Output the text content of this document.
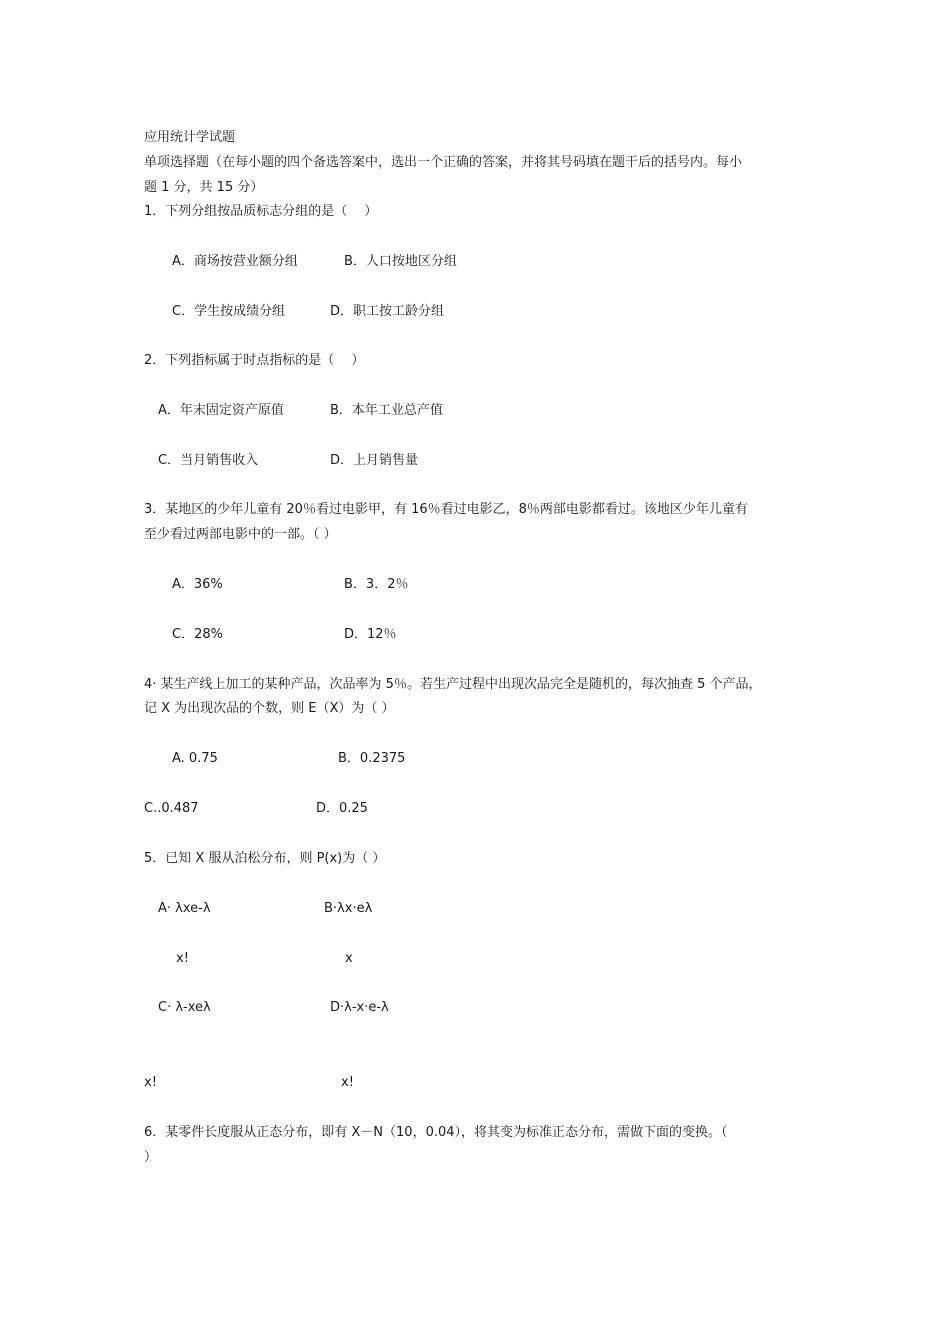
应用统计学试题

单项选择题（在每小题的四个备选答案中，选出一个正确的答案，并将其号码填在题干后的括号内。每小

题 1 分，共 15 分）

1．下列分组按品质标志分组的是（　 ）

A．商场按营业额分组	B．人口按地区分组

C．学生按成绩分组	D．职工按工龄分组

2．下列指标属于时点指标的是（　 ）

A．年末固定资产原值	B．本年工业总产值

C．当月销售收入	D．上月销售量

3．某地区的少年儿童有 20％看过电影甲，有 16％看过电影乙，8％两部电影都看过。该地区少年儿童有

至少看过两部电影中的一部。（ ）

A．36%	B．3．2％

C．28%	D．12％

4· 某生产线上加工的某种产品，次品率为 5％。若生产过程中出现次品完全是随机的，每次抽查 5 个产品，

记 X 为出现次品的个数，则 E（X）为（ ）

A. 0.75	B．0.2375

C..0.487	D．0.25

5．已知 X 服从泊松分布，则 P(x)为（ ）

A· λxe-λ	B·λx·eλ

x!	x

C· λ-xeλ	D·λ-x·e-λ

x!	x!

6．某零件长度服从正态分布，即有 X－N（10，0.04），将其变为标准正态分布，需做下面的变换。（

）
